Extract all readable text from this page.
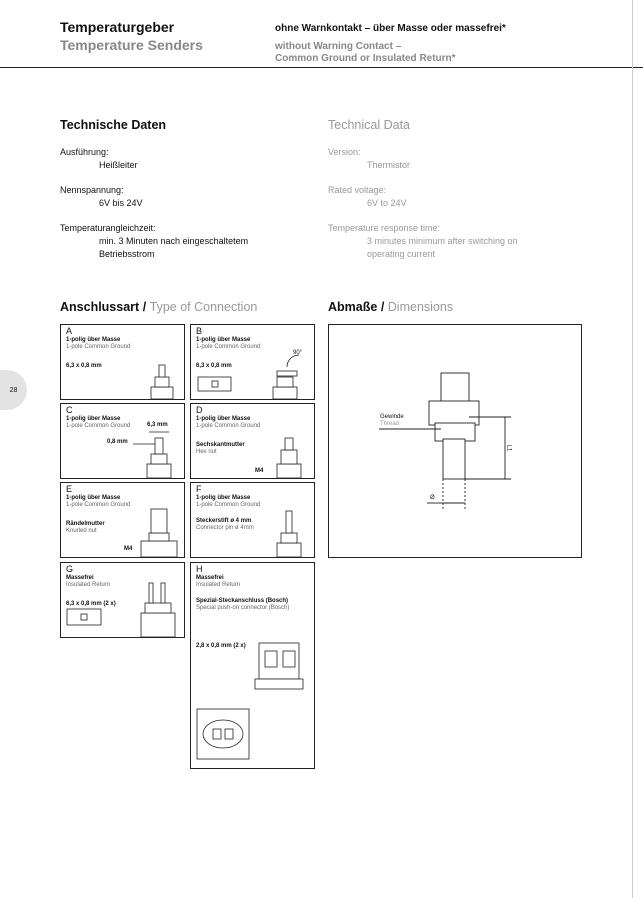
Temperaturgeber
Temperature Senders
ohne Warnkontakt – über Masse oder massefrei*
without Warning Contact –
Common Ground or Insulated Return*
28
Technische Daten
Ausführung:
Heißleiter
Nennspannung:
6V bis 24V
Temperaturangleichzeit:
min. 3 Minuten nach eingeschaltetem
Betriebsstrom
Technical Data
Version:
Thermistor
Rated voltage:
6V to 24V
Temperature response time:
3 minutes minimum after switching on
operating current
Anschlussart / Type of Connection	Abmaße / Dimensions
A
1-polig über Masse
1-pole Common Ground
6,3 x 0,8 mm
B
1-polig über Masse
1-pole Common Ground
6,3 x 0,8 mm
90°
C
1-polig über Masse
1-pole Common Ground	6,3 mm
0,8 mm
D
1-polig über Masse
1-pole Common Ground
Sechskantmutter
Hex nut
M4
E
1-polig über Masse
1-pole Common Ground
Rändelmutter
Knurled nut
M4
F
1-polig über Masse
1-pole Common Ground
Steckerstift ø 4 mm
Connector pin ø 4mm
G
Massefrei
Insulated Return
6,3 x 0,8 mm (2 x)
H
Massefrei
Insulated Return
Spezial-Steckanschluss (Bosch)
Special push-on connector (Bosch)
2,8 x 0,8 mm (2 x)
Gewinde
Thread
L1
Ø
